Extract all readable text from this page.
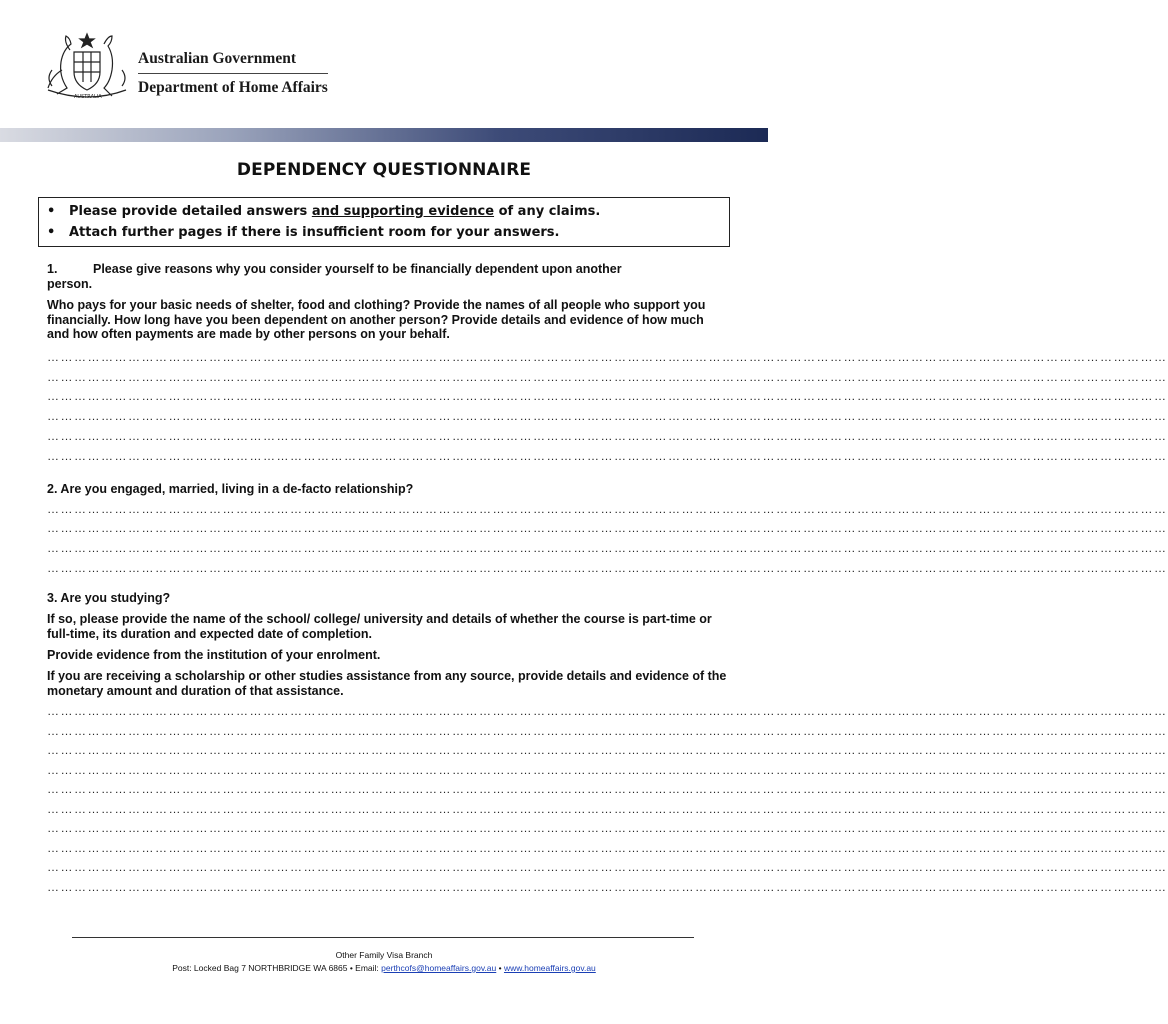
AUSTRALIA
Australian Government
Department of Home Affairs
DEPENDENCY QUESTIONNAIRE
•	Please provide detailed answers and supporting evidence of any claims.
•	Attach further pages if there is insufficient room for your answers.
1.	Please give reasons why you consider yourself to be financially dependent upon another
person.
Who pays for your basic needs of shelter, food and clothing? Provide the names of all people who support you financially. How long have you been dependent on another person? Provide details and evidence of how much and how often payments are made by other persons on your behalf.
……………………………………………………………………………………………………………………………………………………………………………………………………………………………
……………………………………………………………………………………………………………………………………………………………………………………………………………………………
……………………………………………………………………………………………………………………………………………………………………………………………………………………………
……………………………………………………………………………………………………………………………………………………………………………………………………………………………
……………………………………………………………………………………………………………………………………………………………………………………………………………………………
……………………………………………………………………………………………………………………………………………………………………………………………………………………………
2. Are you engaged, married, living in a de-facto relationship?
……………………………………………………………………………………………………………………………………………………………………………………………………………………………
……………………………………………………………………………………………………………………………………………………………………………………………………………………………
……………………………………………………………………………………………………………………………………………………………………………………………………………………………
……………………………………………………………………………………………………………………………………………………………………………………………………………………………
3. Are you studying?
If so, please provide the name of the school/ college/ university and details of whether the course is part-time or full-time, its duration and expected date of completion.
Provide evidence from the institution of your enrolment.
If you are receiving a scholarship or other studies assistance from any source, provide details and evidence of the monetary amount and duration of that assistance.
……………………………………………………………………………………………………………………………………………………………………………………………………………………………
……………………………………………………………………………………………………………………………………………………………………………………………………………………………
……………………………………………………………………………………………………………………………………………………………………………………………………………………………
……………………………………………………………………………………………………………………………………………………………………………………………………………………………
……………………………………………………………………………………………………………………………………………………………………………………………………………………………
……………………………………………………………………………………………………………………………………………………………………………………………………………………………
……………………………………………………………………………………………………………………………………………………………………………………………………………………………
……………………………………………………………………………………………………………………………………………………………………………………………………………………………
……………………………………………………………………………………………………………………………………………………………………………………………………………………………
……………………………………………………………………………………………………………………………………………………………………………………………………………………………
Other Family Visa Branch
Post: Locked Bag 7 NORTHBRIDGE WA 6865 • Email: perthcofs@homeaffairs.gov.au • www.homeaffairs.gov.au
